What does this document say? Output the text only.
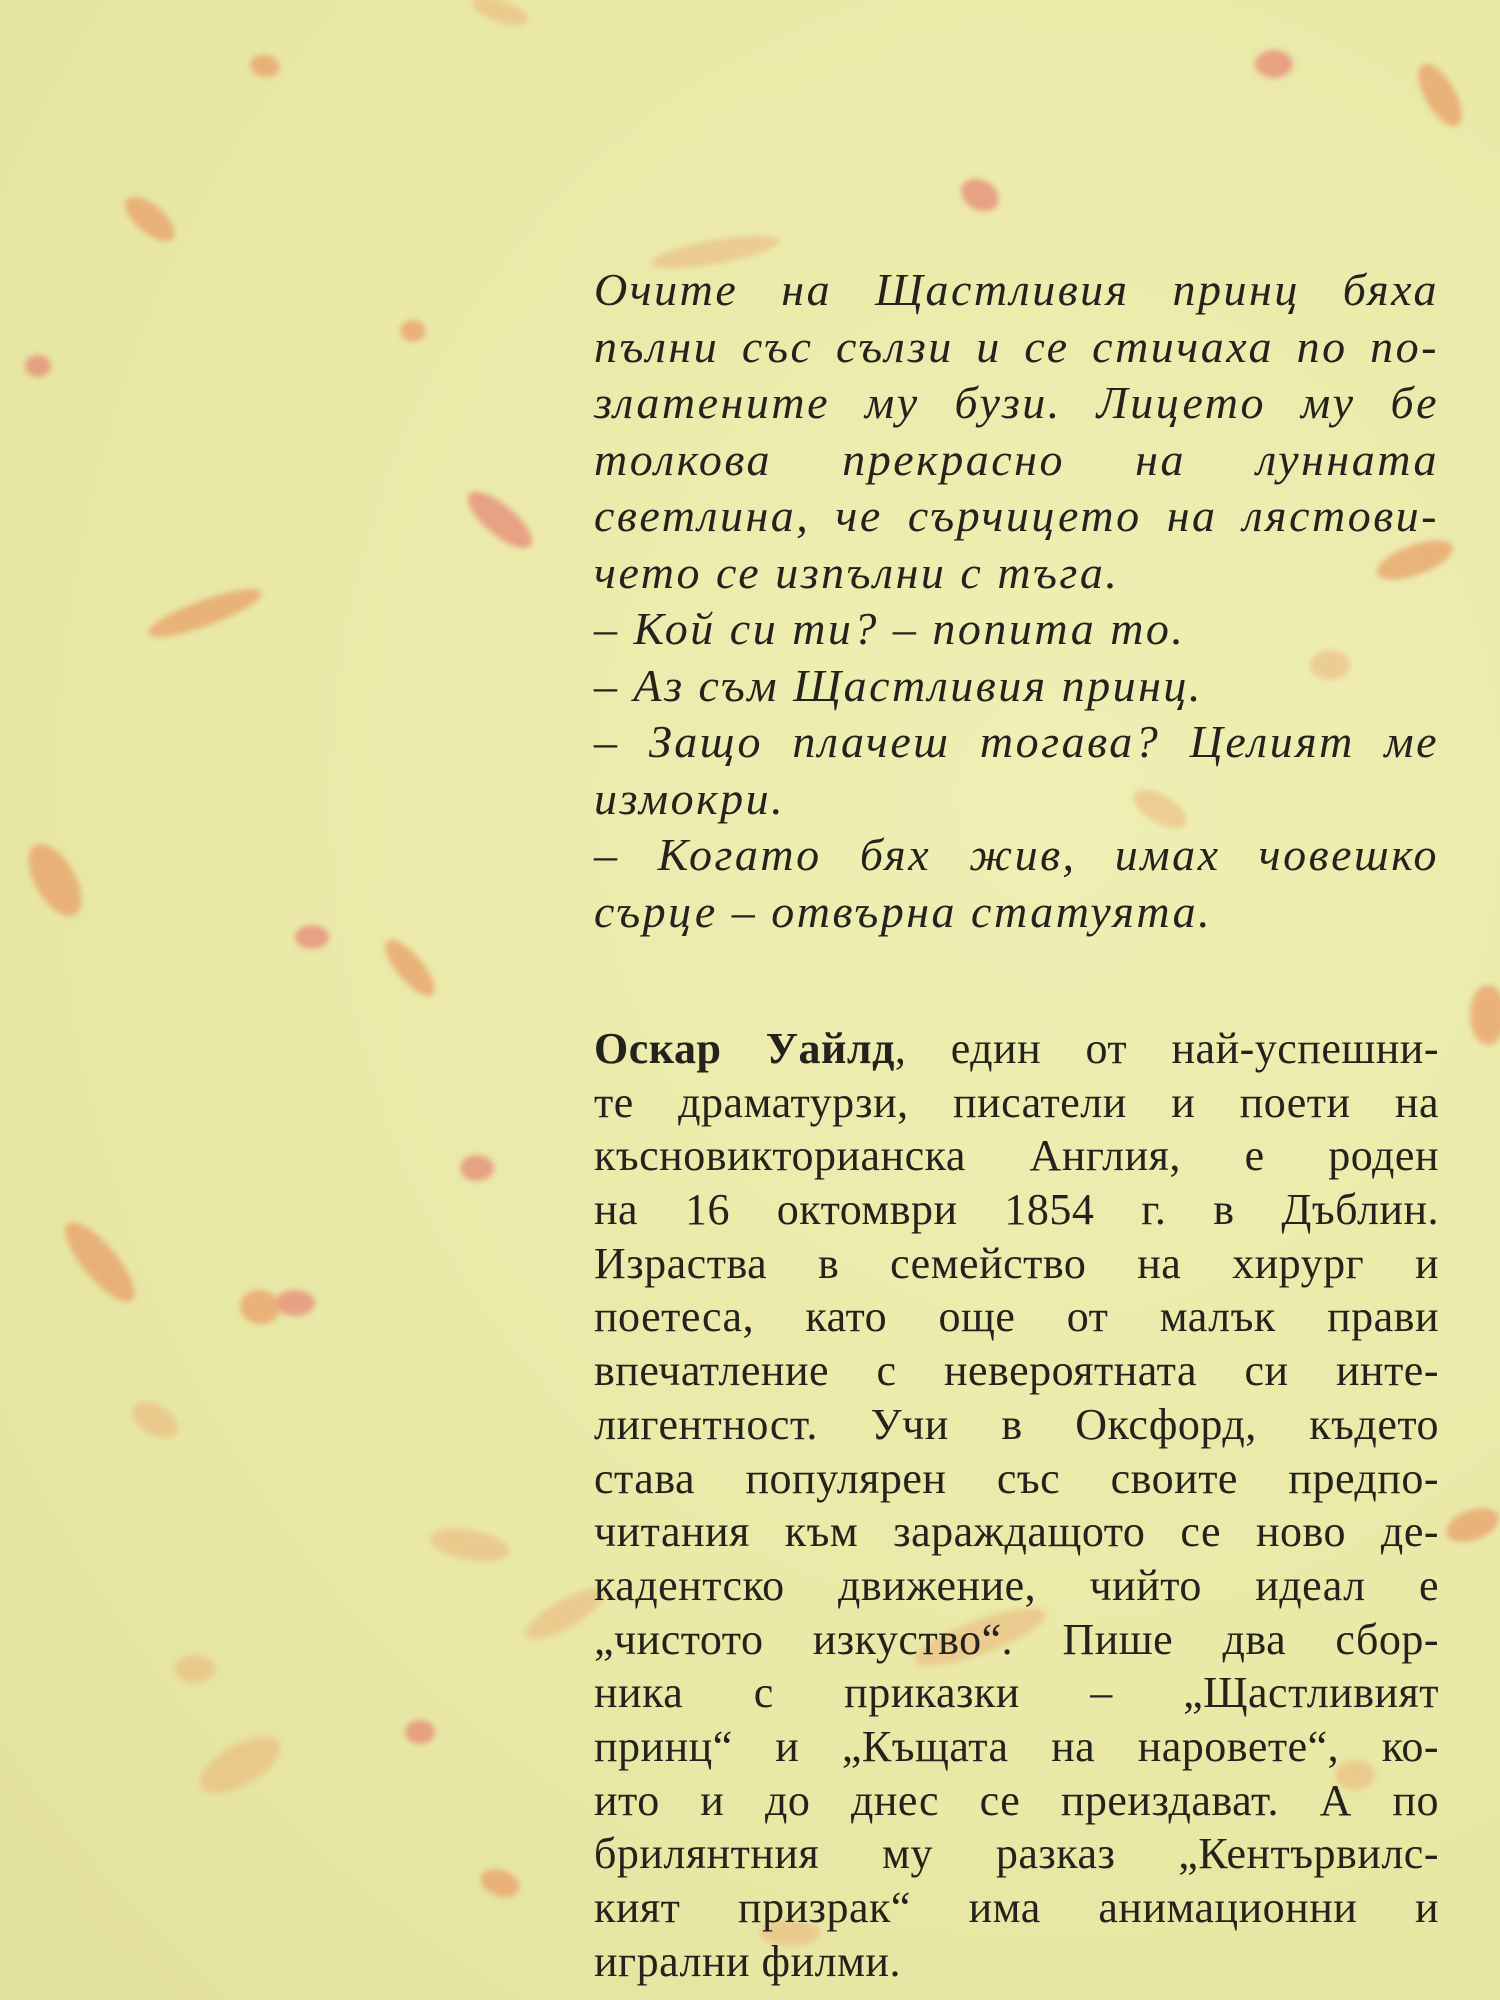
Очите на Щастливия принц бяха
пълни със сълзи и се стичаха по по-
златените му бузи. Лицето му бе
толкова прекрасно на лунната
светлина, че сърчицето на лястови-
чето се изпълни с тъга.
– Кой си ти? – попита то.
– Аз съм Щастливия принц.
– Защо плачеш тогава? Целият ме
измокри.
– Когато бях жив, имах човешко
сърце – отвърна статуята.
Оскар Уайлд, един от най-успешни-
те драматурзи, писатели и поети на
късновикторианска Англия, е роден
на 16 октомври 1854 г. в Дъблин.
Израства в семейство на хирург и
поетеса, като още от малък прави
впечатление с невероятната си инте-
лигентност. Учи в Оксфорд, където
става популярен със своите предпо-
читания към зараждащото се ново де-
кадентско движение, чийто идеал е
„чистото изкуство“. Пише два сбор-
ника с приказки – „Щастливият
принц“ и „Къщата на наровете“, ко-
ито и до днес се преиздават. А по
брилянтния му разказ „Кентървилс-
кият призрак“ има анимационни и
игрални филми.
